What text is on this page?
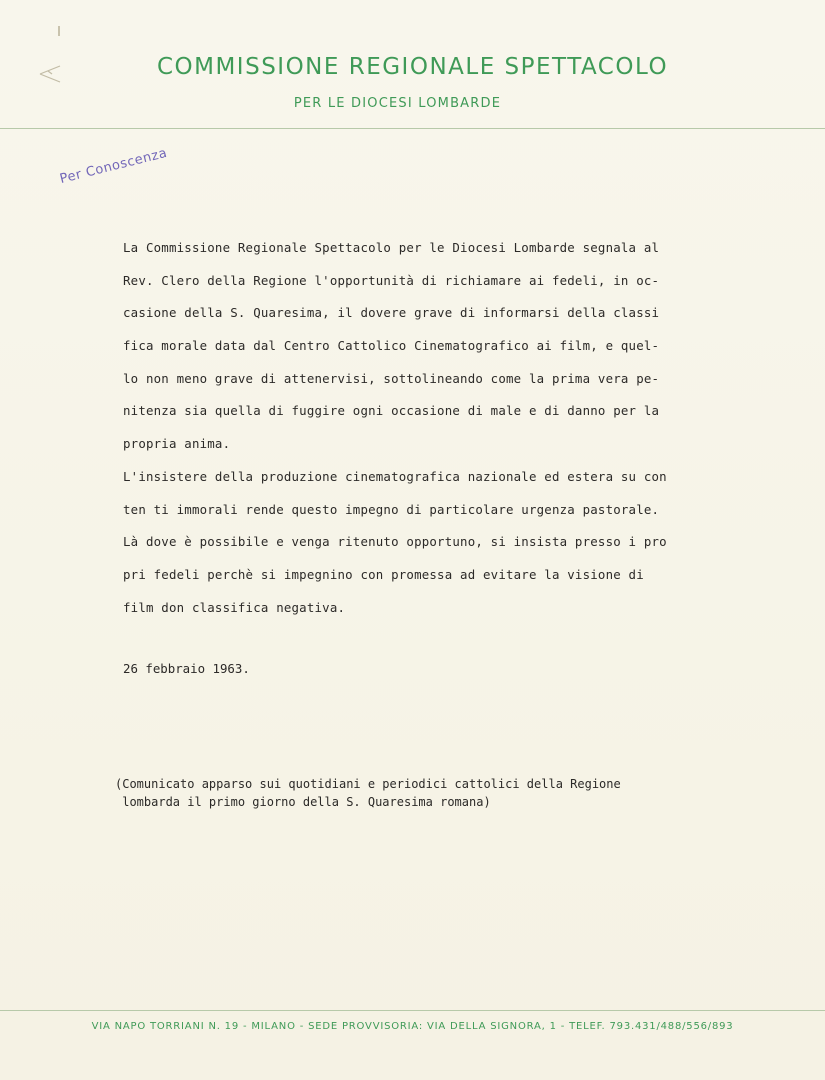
COMMISSIONE REGIONALE SPETTACOLO
PER LE DIOCESI LOMBARDE
Per Conoscenza
La Commissione Regionale Spettacolo per le Diocesi Lombarde segnala al
Rev. Clero della Regione l'opportunità di richiamare ai fedeli, in oc-
casione della S. Quaresima, il dovere grave di informarsi della classi
fica morale data dal Centro Cattolico Cinematografico ai film, e quel-
lo non meno grave di attenervisi, sottolineando come la prima vera pe-
nitenza sia quella di fuggire ogni occasione di male e di danno per la
propria anima.
L'insistere della produzione cinematografica nazionale ed estera su con
ten ti immorali rende questo impegno di particolare urgenza pastorale.
Là dove è possibile e venga ritenuto opportuno, si insista presso i pro
pri fedeli perchè si impegnino con promessa ad evitare la visione di
film don classifica negativa.
26 febbraio 1963.
(Comunicato apparso sui quotidiani e periodici cattolici della Regione
lombarda il primo giorno della S. Quaresima romana)
VIA NAPO TORRIANI N. 19 - MILANO - SEDE PROVVISORIA: VIA DELLA SIGNORA, 1 - TELEF. 793.431/488/556/893
